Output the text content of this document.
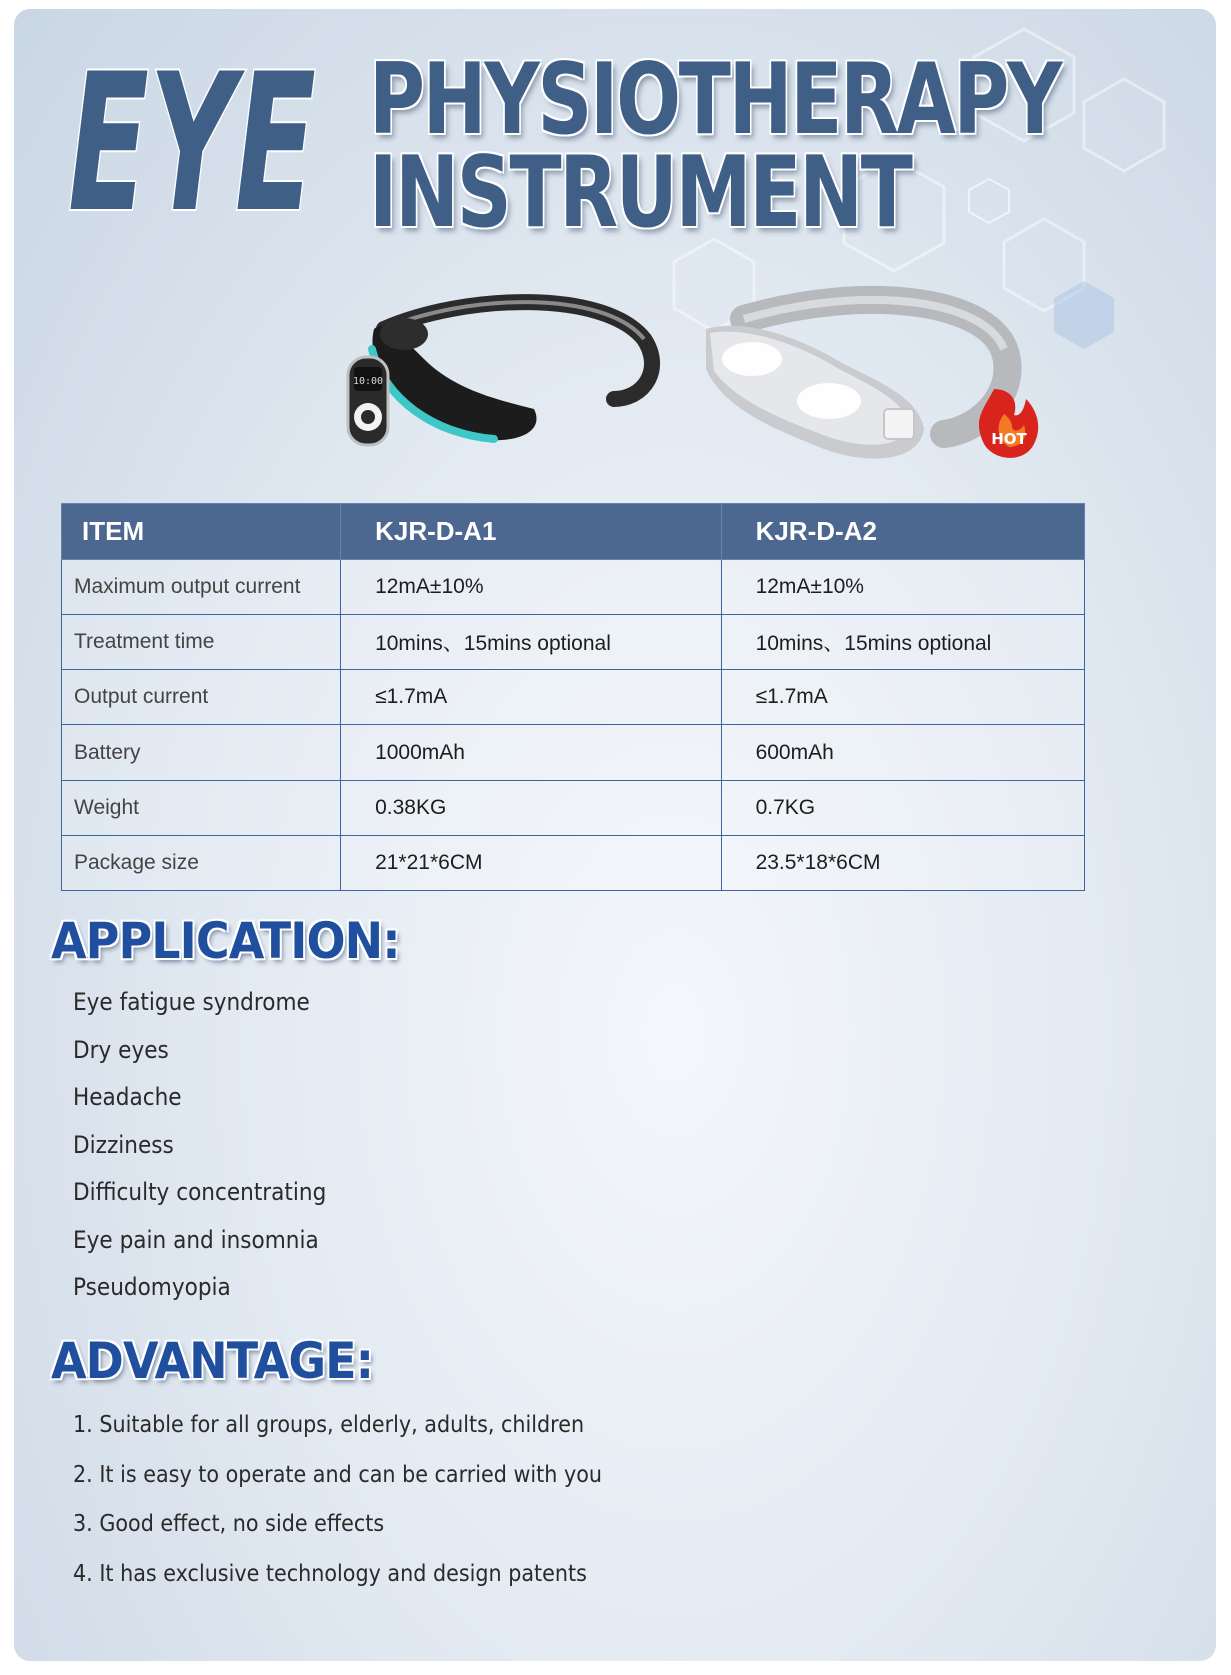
EYE PHYSIOTHERAPY
INSTRUMENT
10:00
HOT
ITEM	KJR-D-A1	KJR-D-A2
Maximum output current	12mA±10%	12mA±10%
Treatment time	10mins、15mins optional	10mins、15mins optional
Output current	≤1.7mA	≤1.7mA
Battery	1000mAh	600mAh
Weight	0.38KG	0.7KG
Package size	21*21*6CM	23.5*18*6CM
APPLICATION:
Eye fatigue syndrome
Dry eyes
Headache
Dizziness
Difficulty concentrating
Eye pain and insomnia
Pseudomyopia
ADVANTAGE:
1. Suitable for all groups, elderly, adults, children
2. It is easy to operate and can be carried with you
3. Good effect, no side effects
4. It has exclusive technology and design patents
